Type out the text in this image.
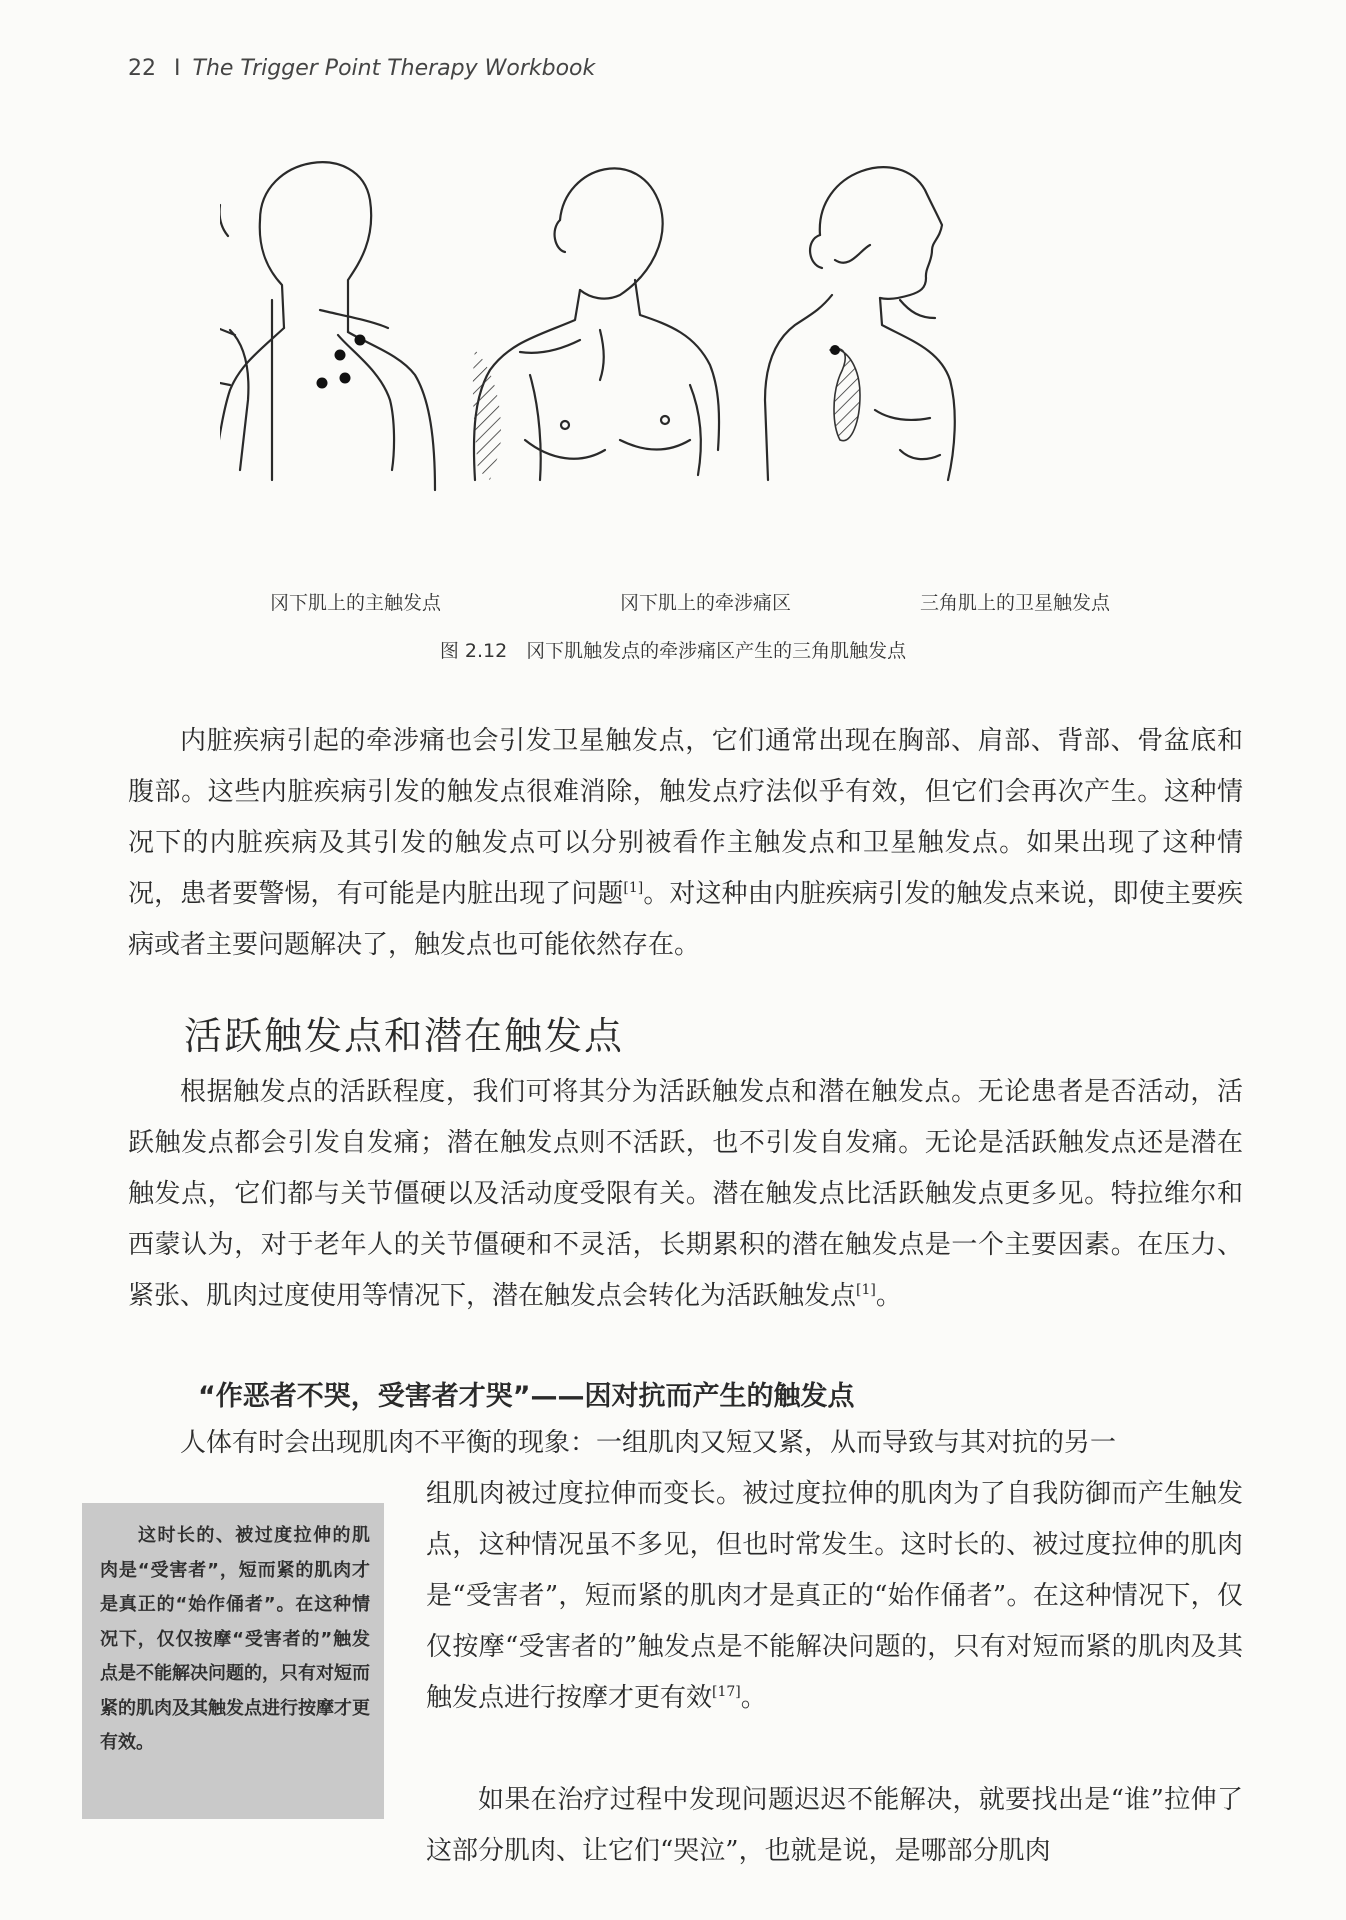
22 I The Trigger Point Therapy Workbook
冈下肌上的主触发点	冈下肌上的牵涉痛区	三角肌上的卫星触发点
图 2.12　冈下肌触发点的牵涉痛区产生的三角肌触发点

内脏疾病引起的牵涉痛也会引发卫星触发点，它们通常出现在胸部、肩部、背部、骨盆底和腹部。这些内脏疾病引发的触发点很难消除，触发点疗法似乎有效，但它们会再次产生。这种情况下的内脏疾病及其引发的触发点可以分别被看作主触发点和卫星触发点。如果出现了这种情况，患者要警惕，有可能是内脏出现了问题[1]。对这种由内脏疾病引发的触发点来说，即使主要疾病或者主要问题解决了，触发点也可能依然存在。

活跃触发点和潜在触发点

根据触发点的活跃程度，我们可将其分为活跃触发点和潜在触发点。无论患者是否活动，活跃触发点都会引发自发痛；潜在触发点则不活跃，也不引发自发痛。无论是活跃触发点还是潜在触发点，它们都与关节僵硬以及活动度受限有关。潜在触发点比活跃触发点更多见。特拉维尔和西蒙认为，对于老年人的关节僵硬和不灵活，长期累积的潜在触发点是一个主要因素。在压力、紧张、肌肉过度使用等情况下，潜在触发点会转化为活跃触发点[1]。

“作恶者不哭，受害者才哭”——因对抗而产生的触发点

人体有时会出现肌肉不平衡的现象：一组肌肉又短又紧，从而导致与其对抗的另一

组肌肉被过度拉伸而变长。被过度拉伸的肌肉为了自我防御而产生触发点，这种情况虽不多见，但也时常发生。这时长的、被过度拉伸的肌肉是“受害者”，短而紧的肌肉才是真正的“始作俑者”。在这种情况下，仅仅按摩“受害者的”触发点是不能解决问题的，只有对短而紧的肌肉及其触发点进行按摩才更有效[17]。

如果在治疗过程中发现问题迟迟不能解决，就要找出是“谁”拉伸了这部分肌肉、让它们“哭泣”，也就是说，是哪部分肌肉

这时长的、被过度拉伸的肌肉是“受害者”，短而紧的肌肉才是真正的“始作俑者”。在这种情况下，仅仅按摩“受害者的”触发点是不能解决问题的，只有对短而紧的肌肉及其触发点进行按摩才更有效。
